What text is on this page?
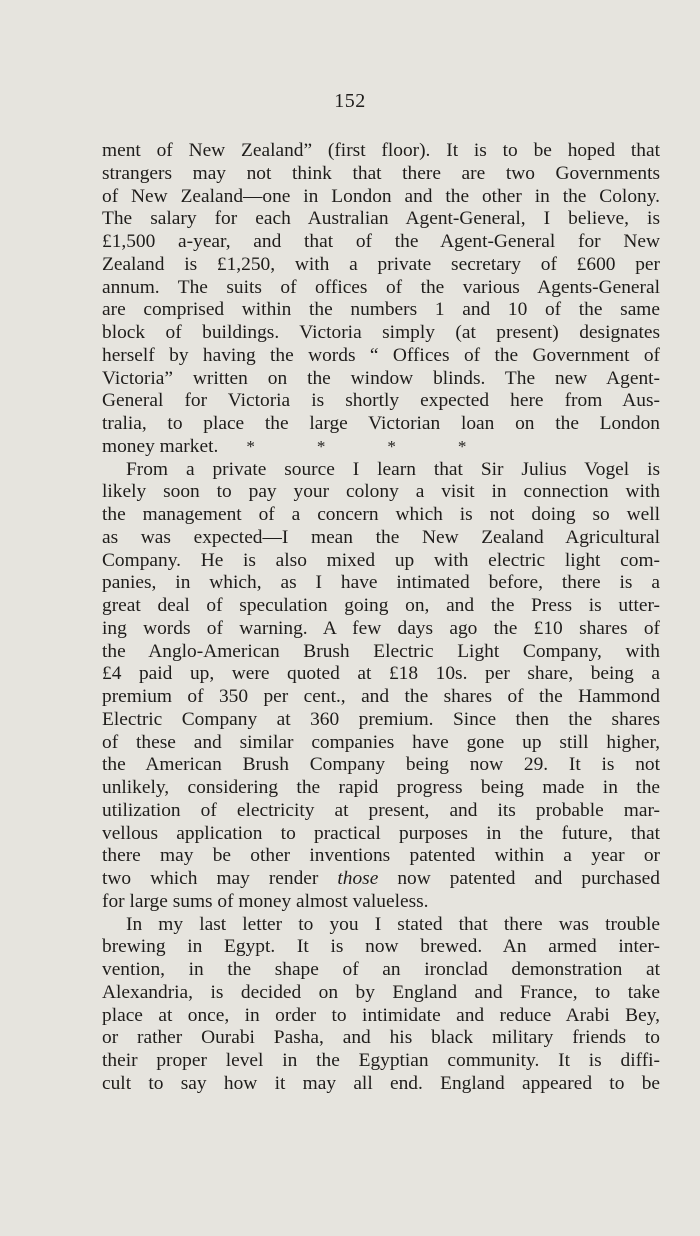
152
ment of New Zealand” (first floor). It is to be hoped that
strangers may not think that there are two Governments
of New Zealand—one in London and the other in the Colony.
The salary for each Australian Agent-General, I believe, is
£1,500 a-year, and that of the Agent-General for New
Zealand is £1,250, with a private secretary of £600 per
annum. The suits of offices of the various Agents-General
are comprised within the numbers 1 and 10 of the same
block of buildings. Victoria simply (at present) designates
herself by having the words “ Offices of the Government of
Victoria” written on the window blinds. The new Agent-
General for Victoria is shortly expected here from Aus-
tralia, to place the large Victorian loan on the London
money market. *	*	*	*
From a private source I learn that Sir Julius Vogel is
likely soon to pay your colony a visit in connection with
the management of a concern which is not doing so well
as was expected—I mean the New Zealand Agricultural
Company. He is also mixed up with electric light com-
panies, in which, as I have intimated before, there is a
great deal of speculation going on, and the Press is utter-
ing words of warning. A few days ago the £10 shares of
the Anglo-American Brush Electric Light Company, with
£4 paid up, were quoted at £18 10s. per share, being a
premium of 350 per cent., and the shares of the Hammond
Electric Company at 360 premium. Since then the shares
of these and similar companies have gone up still higher,
the American Brush Company being now 29. It is not
unlikely, considering the rapid progress being made in the
utilization of electricity at present, and its probable mar-
vellous application to practical purposes in the future, that
there may be other inventions patented within a year or
two which may render those now patented and purchased
for large sums of money almost valueless.
In my last letter to you I stated that there was trouble
brewing in Egypt. It is now brewed. An armed inter-
vention, in the shape of an ironclad demonstration at
Alexandria, is decided on by England and France, to take
place at once, in order to intimidate and reduce Arabi Bey,
or rather Ourabi Pasha, and his black military friends to
their proper level in the Egyptian community. It is diffi-
cult to say how it may all end. England appeared to be
